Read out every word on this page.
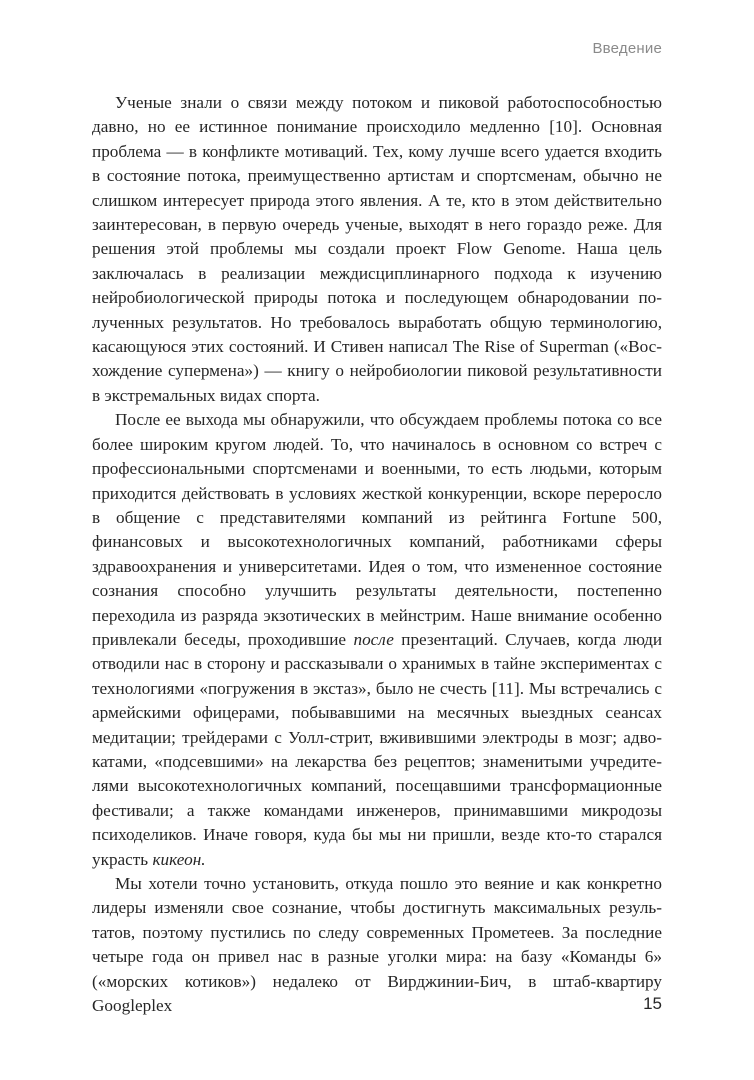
Введение

Ученые знали о связи между потоком и пиковой работоспособностью давно, но ее истинное понимание происходило медленно [10]. Основная проблема — в конфликте мотиваций. Тех, кому лучше всего удается входить в состояние потока, преимущественно артистам и спортсменам, обычно не слишком интересует природа этого явления. А те, кто в этом действительно заинтересован, в первую очередь ученые, выходят в него гораздо реже. Для решения этой проблемы мы создали проект Flow Genome. Наша цель заключалась в реализации междисциплинарного подхода к изучению нейробиологической природы потока и последующем обнародовании полученных результатов. Но требовалось выработать общую терминологию, касающуюся этих состояний. И Стивен написал The Rise of Superman («Восхождение супермена») — книгу о нейробиологии пиковой результативности в экстремальных видах спорта.

После ее выхода мы обнаружили, что обсуждаем проблемы потока со все более широким кругом людей. То, что начиналось в основном со встреч с профессиональными спортсменами и военными, то есть людьми, которым приходится действовать в условиях жесткой конкуренции, вскоре переросло в общение с представителями компаний из рейтинга Fortune 500, финансовых и высокотехнологичных компаний, работниками сферы здравоохранения и университетами. Идея о том, что измененное состояние сознания способно улучшить результаты деятельности, постепенно переходила из разряда экзотических в мейнстрим. Наше внимание особенно привлекали беседы, проходившие после презентаций. Случаев, когда люди отводили нас в сторону и рассказывали о хранимых в тайне экспериментах с технологиями «погружения в экстаз», было не счесть [11]. Мы встречались с армейскими офицерами, побывавшими на месячных выездных сеансах медитации; трейдерами с Уолл-стрит, вживившими электроды в мозг; адвокатами, «подсевшими» на лекарства без рецептов; знаменитыми учредителями высокотехнологичных компаний, посещавшими трансформационные фестивали; а также командами инженеров, принимавшими микродозы психоделиков. Иначе говоря, куда бы мы ни пришли, везде кто-то старался украсть кикеон.

Мы хотели точно установить, откуда пошло это веяние и как конкретно лидеры изменяли свое сознание, чтобы достигнуть максимальных результатов, поэтому пустились по следу современных Прометеев. За последние четыре года он привел нас в разные уголки мира: на базу «Команды 6» («морских котиков») недалеко от Вирджинии-Бич, в штаб-квартиру Googleplex	15
